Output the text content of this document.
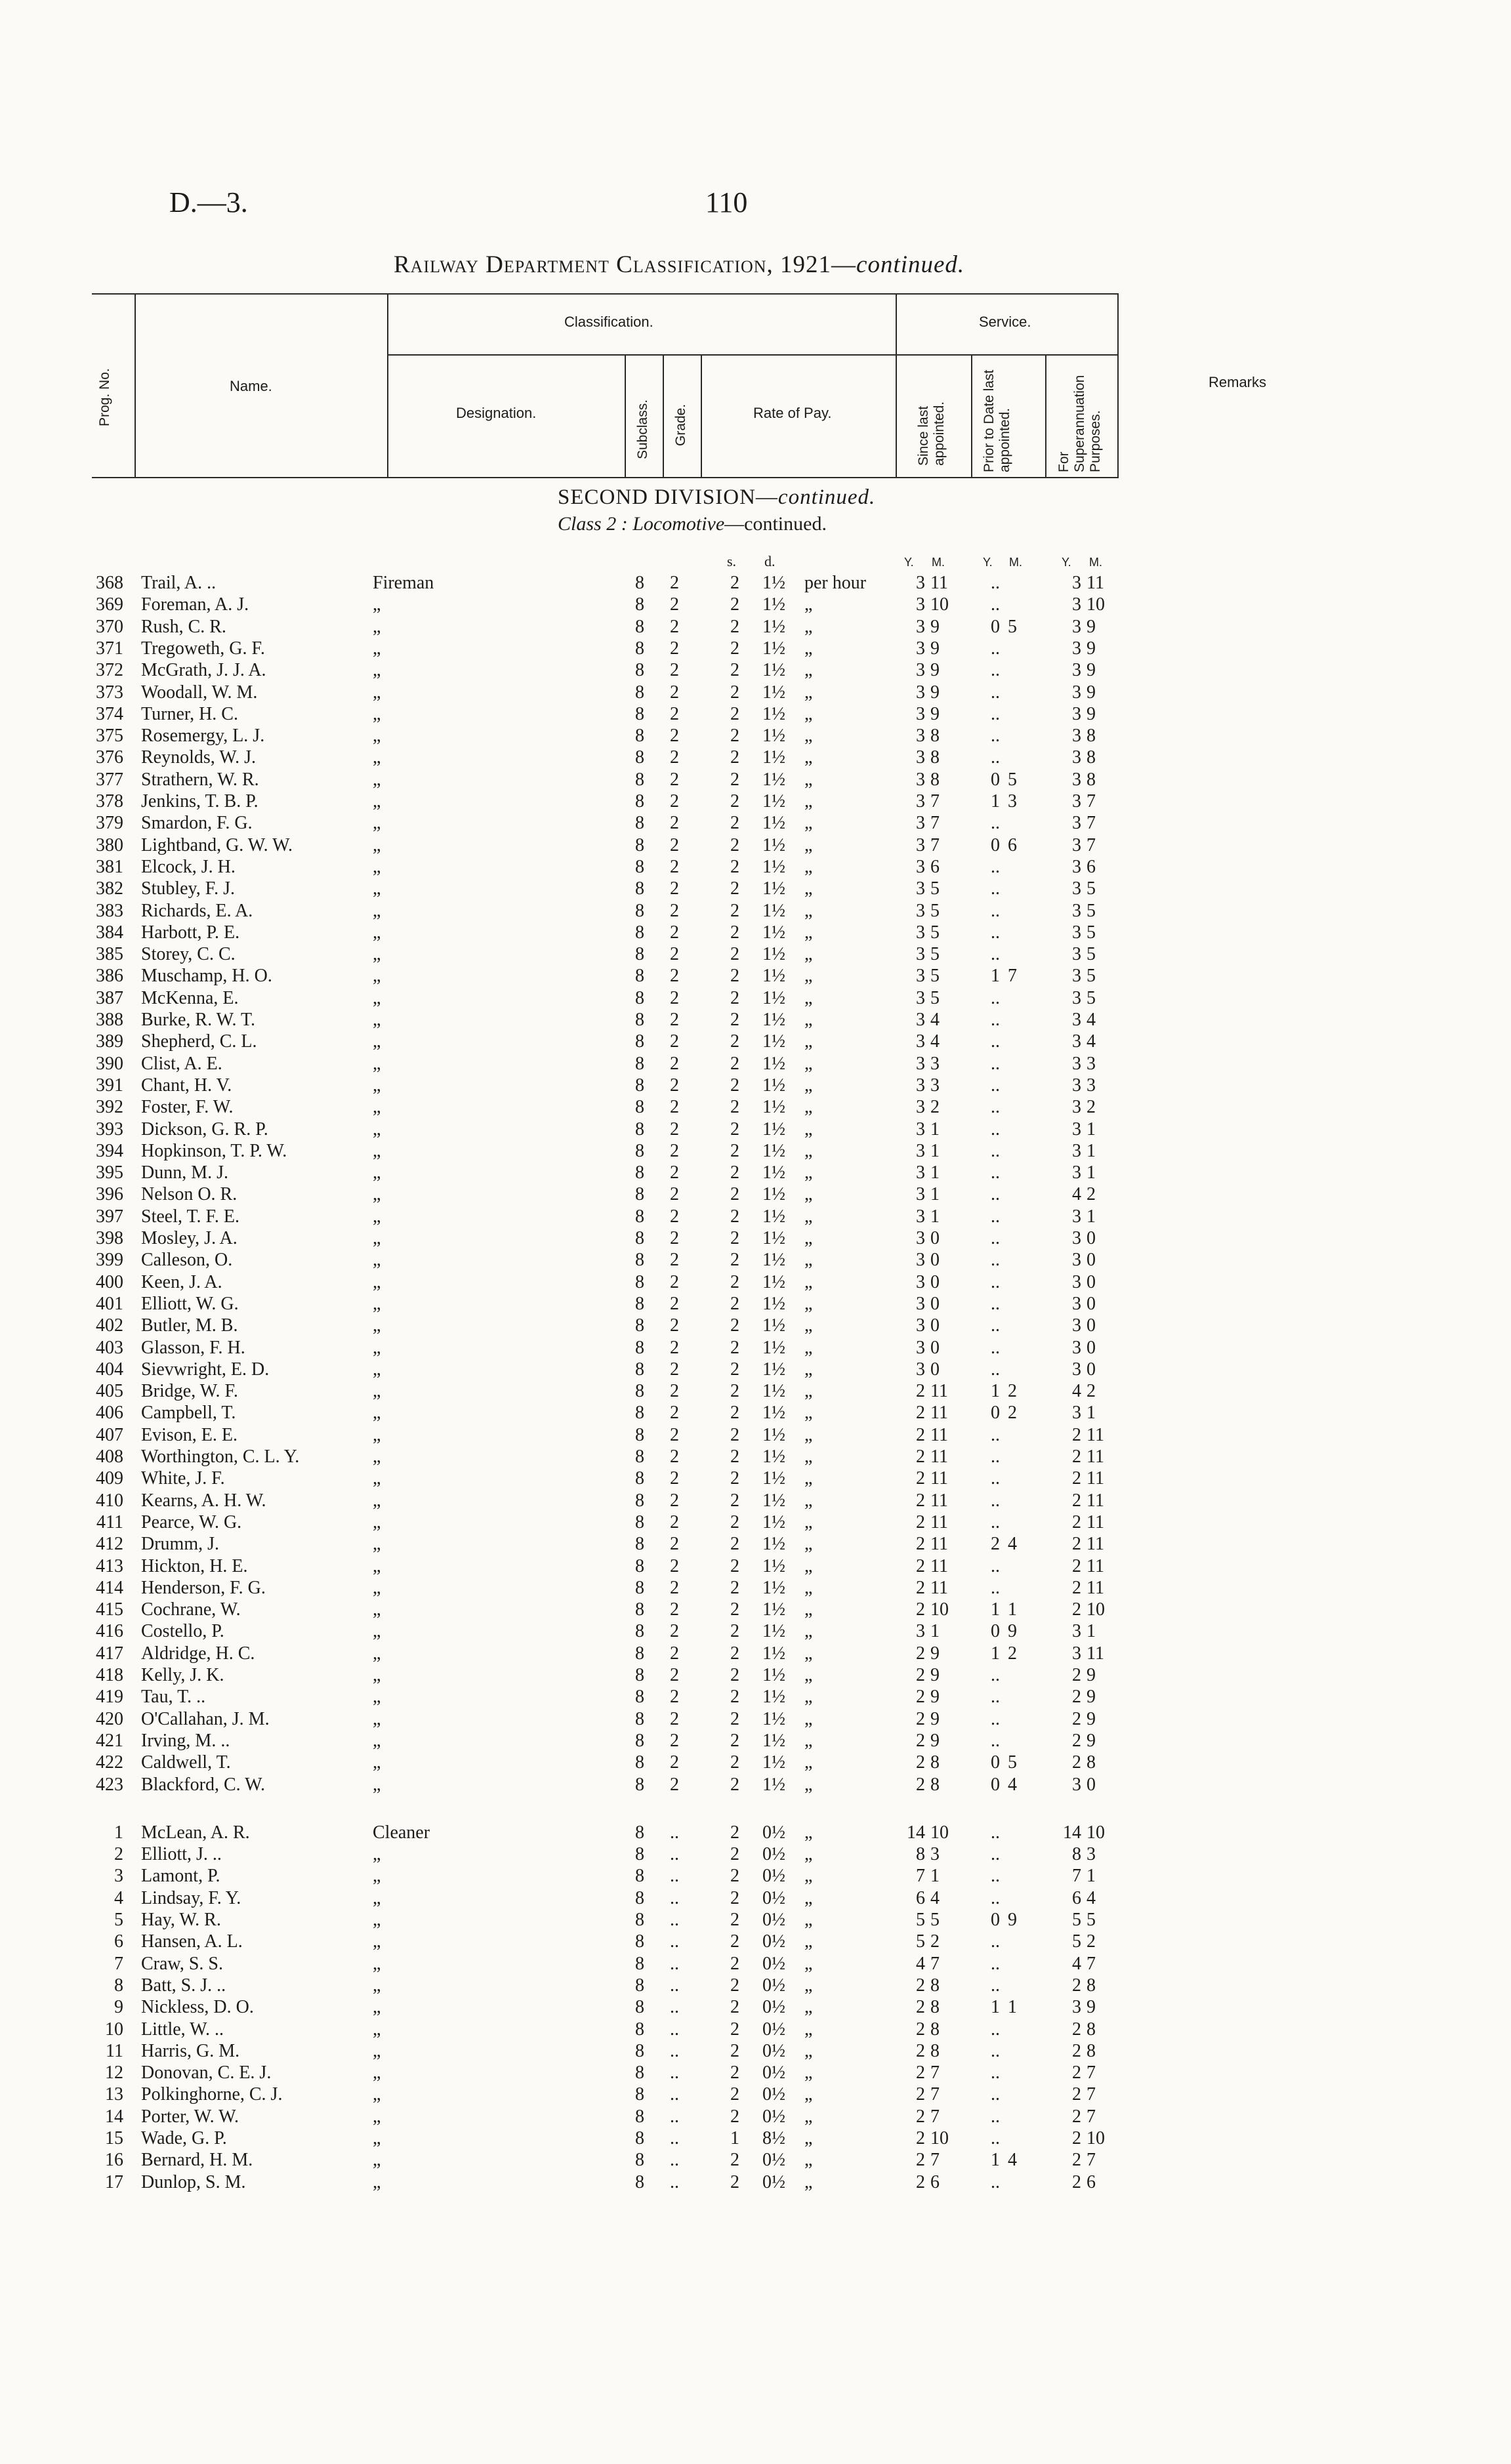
D.—3.	110
Railway Department Classification, 1921—continued.
Prog. No.	Name.
Classification.
Designation.	Subclass. Grade.	Rate of Pay.
Service.
Since last appointed.	Prior to Date last appointed.	For Superannuation Purposes.
Remarks
SECOND DIVISION—continued.
Class 2 : Locomotive—continued.
s. d.	Y. M.	Y. M.	Y. M.
368 Trail, A. ..	Fireman	8	2	2 1½ per hour	3 11	..	3 11
369 Foreman, A. J.	„	8	2	2 1½ „	3 10	..	3 10
370 Rush, C. R.	„	8	2	2 1½ „	3 9	0 5	3 9
371 Tregoweth, G. F.	„	8	2	2 1½ „	3 9	..	3 9
372 McGrath, J. J. A.	„	8	2	2 1½ „	3 9	..	3 9
373 Woodall, W. M.	„	8	2	2 1½ „	3 9	..	3 9
374 Turner, H. C.	„	8	2	2 1½ „	3 9	..	3 9
375 Rosemergy, L. J.	„	8	2	2 1½ „	3 8	..	3 8
376 Reynolds, W. J.	„	8	2	2 1½ „	3 8	..	3 8
377 Strathern, W. R.	„	8	2	2 1½ „	3 8	0 5	3 8
378 Jenkins, T. B. P.	„	8	2	2 1½ „	3 7	1 3	3 7
379 Smardon, F. G.	„	8	2	2 1½ „	3 7	..	3 7
380 Lightband, G. W. W.	„	8	2	2 1½ „	3 7	0 6	3 7
381 Elcock, J. H.	„	8	2	2 1½ „	3 6	..	3 6
382 Stubley, F. J.	„	8	2	2 1½ „	3 5	..	3 5
383 Richards, E. A.	„	8	2	2 1½ „	3 5	..	3 5
384 Harbott, P. E.	„	8	2	2 1½ „	3 5	..	3 5
385 Storey, C. C.	„	8	2	2 1½ „	3 5	..	3 5
386 Muschamp, H. O.	„	8	2	2 1½ „	3 5	1 7	3 5
387 McKenna, E.	„	8	2	2 1½ „	3 5	..	3 5
388 Burke, R. W. T.	„	8	2	2 1½ „	3 4	..	3 4
389 Shepherd, C. L.	„	8	2	2 1½ „	3 4	..	3 4
390 Clist, A. E.	„	8	2	2 1½ „	3 3	..	3 3
391 Chant, H. V.	„	8	2	2 1½ „	3 3	..	3 3
392 Foster, F. W.	„	8	2	2 1½ „	3 2	..	3 2
393 Dickson, G. R. P.	„	8	2	2 1½ „	3 1	..	3 1
394 Hopkinson, T. P. W.	„	8	2	2 1½ „	3 1	..	3 1
395 Dunn, M. J.	„	8	2	2 1½ „	3 1	..	3 1
396 Nelson O. R.	„	8	2	2 1½ „	3 1	..	4 2
397 Steel, T. F. E.	„	8	2	2 1½ „	3 1	..	3 1
398 Mosley, J. A.	„	8	2	2 1½ „	3 0	..	3 0
399 Calleson, O.	„	8	2	2 1½ „	3 0	..	3 0
400 Keen, J. A.	„	8	2	2 1½ „	3 0	..	3 0
401 Elliott, W. G.	„	8	2	2 1½ „	3 0	..	3 0
402 Butler, M. B.	„	8	2	2 1½ „	3 0	..	3 0
403 Glasson, F. H.	„	8	2	2 1½ „	3 0	..	3 0
404 Sievwright, E. D.	„	8	2	2 1½ „	3 0	..	3 0
405 Bridge, W. F.	„	8	2	2 1½ „	2 11	1 2	4 2
406 Campbell, T.	„	8	2	2 1½ „	2 11	0 2	3 1
407 Evison, E. E.	„	8	2	2 1½ „	2 11	..	2 11
408 Worthington, C. L. Y.	„	8	2	2 1½ „	2 11	..	2 11
409 White, J. F.	„	8	2	2 1½ „	2 11	..	2 11
410 Kearns, A. H. W.	„	8	2	2 1½ „	2 11	..	2 11
411 Pearce, W. G.	„	8	2	2 1½ „	2 11	..	2 11
412 Drumm, J.	„	8	2	2 1½ „	2 11	2 4	2 11
413 Hickton, H. E.	„	8	2	2 1½ „	2 11	..	2 11
414 Henderson, F. G.	„	8	2	2 1½ „	2 11	..	2 11
415 Cochrane, W.	„	8	2	2 1½ „	2 10	1 1	2 10
416 Costello, P.	„	8	2	2 1½ „	3 1	0 9	3 1
417 Aldridge, H. C.	„	8	2	2 1½ „	2 9	1 2	3 11
418 Kelly, J. K.	„	8	2	2 1½ „	2 9	..	2 9
419 Tau, T. ..	„	8	2	2 1½ „	2 9	..	2 9
420 O'Callahan, J. M.	„	8	2	2 1½ „	2 9	..	2 9
421 Irving, M. ..	„	8	2	2 1½ „	2 9	..	2 9
422 Caldwell, T.	„	8	2	2 1½ „	2 8	0 5	2 8
423 Blackford, C. W.	„	8	2	2 1½ „	2 8	0 4	3 0
1 McLean, A. R.	Cleaner	8	..	2 0½ „	14 10	..	14 10
2 Elliott, J. ..	„	8	..	2 0½ „	8 3	..	8 3
3 Lamont, P.	„	8	..	2 0½ „	7 1	..	7 1
4 Lindsay, F. Y.	„	8	..	2 0½ „	6 4	..	6 4
5 Hay, W. R.	„	8	..	2 0½ „	5 5	0 9	5 5
6 Hansen, A. L.	„	8	..	2 0½ „	5 2	..	5 2
7 Craw, S. S.	„	8	..	2 0½ „	4 7	..	4 7
8 Batt, S. J. ..	„	8	..	2 0½ „	2 8	..	2 8
9 Nickless, D. O.	„	8	..	2 0½ „	2 8	1 1	3 9
10 Little, W. ..	„	8	..	2 0½ „	2 8	..	2 8
11 Harris, G. M.	„	8	..	2 0½ „	2 8	..	2 8
12 Donovan, C. E. J.	„	8	..	2 0½ „	2 7	..	2 7
13 Polkinghorne, C. J.	„	8	..	2 0½ „	2 7	..	2 7
14 Porter, W. W.	„	8	..	2 0½ „	2 7	..	2 7
15 Wade, G. P.	„	8	..	1 8½ „	2 10	..	2 10
16 Bernard, H. M.	„	8	..	2 0½ „	2 7	1 4	2 7
17 Dunlop, S. M.	„	8	..	2 0½ „	2 6	..	2 6
